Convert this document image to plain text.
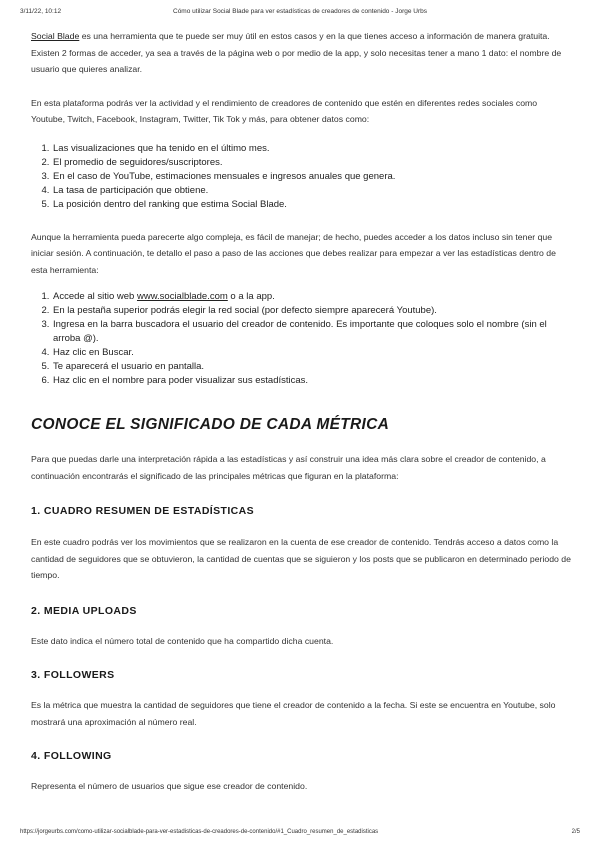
3/11/22, 10:12	Cómo utilizar Social Blade para ver estadísticas de creadores de contenido - Jorge Urbs

Social Blade es una herramienta que te puede ser muy útil en estos casos y en la que tienes acceso a información de manera gratuita. Existen 2 formas de acceder, ya sea a través de la página web o por medio de la app, y solo necesitas tener a mano 1 dato: el nombre de usuario que quieres analizar.

En esta plataforma podrás ver la actividad y el rendimiento de creadores de contenido que estén en diferentes redes sociales como Youtube, Twitch, Facebook, Instagram, Twitter, Tik Tok y más, para obtener datos como:

1. Las visualizaciones que ha tenido en el último mes.
2. El promedio de seguidores/suscriptores.
3. En el caso de YouTube, estimaciones mensuales e ingresos anuales que genera.
4. La tasa de participación que obtiene.
5. La posición dentro del ranking que estima Social Blade.

Aunque la herramienta pueda parecerte algo compleja, es fácil de manejar; de hecho, puedes acceder a los datos incluso sin tener que iniciar sesión. A continuación, te detallo el paso a paso de las acciones que debes realizar para empezar a ver las estadísticas dentro de esta herramienta:

1. Accede al sitio web www.socialblade.com o a la app.
2. En la pestaña superior podrás elegir la red social (por defecto siempre aparecerá Youtube).
3. Ingresa en la barra buscadora el usuario del creador de contenido. Es importante que coloques solo el nombre (sin el arroba @).
4. Haz clic en Buscar.
5. Te aparecerá el usuario en pantalla.
6. Haz clic en el nombre para poder visualizar sus estadísticas.
CONOCE EL SIGNIFICADO DE CADA MÉTRICA

Para que puedas darle una interpretación rápida a las estadísticas y así construir una idea más clara sobre el creador de contenido, a continuación encontrarás el significado de las principales métricas que figuran en la plataforma:

1. CUADRO RESUMEN DE ESTADÍSTICAS

En este cuadro podrás ver los movimientos que se realizaron en la cuenta de ese creador de contenido. Tendrás acceso a datos como la cantidad de seguidores que se obtuvieron, la cantidad de cuentas que se siguieron y los posts que se publicaron en determinado periodo de tiempo.

2. MEDIA UPLOADS

Este dato indica el número total de contenido que ha compartido dicha cuenta.

3. FOLLOWERS

Es la métrica que muestra la cantidad de seguidores que tiene el creador de contenido a la fecha. Si este se encuentra en Youtube, solo mostrará una aproximación al número real.

4. FOLLOWING

Representa el número de usuarios que sigue ese creador de contenido.

https://jorgeurbs.com/como-utilizar-socialblade-para-ver-estadisticas-de-creadores-de-contenido/#1_Cuadro_resumen_de_estadisticas	2/5
